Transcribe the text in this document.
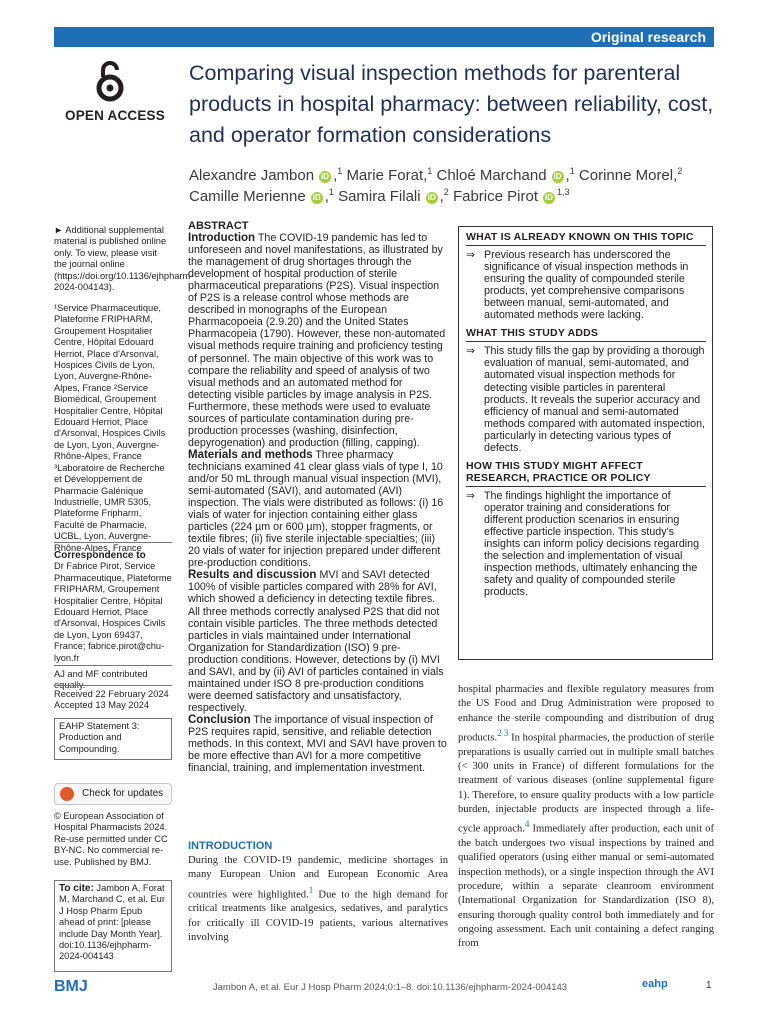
Original research
OPEN ACCESS
Comparing visual inspection methods for parenteral products in hospital pharmacy: between reliability, cost, and operator formation considerations
Alexandre Jambon iD ,$^1$ Marie Forat,$^1$ Chloé Marchand iD ,$^1$ Corinne Morel,$^2$
Camille Merienne iD ,$^1$ Samira Filali iD ,$^2$ Fabrice Pirot iD$^{1,3}$
► Additional supplemental material is published online only. To view, please visit the journal online (https://doi.org/10.1136/ejhpharm-2024-004143).
¹Service Pharmaceutique, Plateforme FRIPHARM, Groupement Hospitalier Centre, Hôpital Edouard Herriot, Place d'Arsonval, Hospices Civils de Lyon, Lyon, Auvergne-Rhône-Alpes, France ²Service Biomédical, Groupement Hospitalier Centre, Hôpital Edouard Herriot, Place d'Arsonval, Hospices Civils de Lyon, Lyon, Auvergne-Rhône-Alpes, France ³Laboratoire de Recherche et Développement de Pharmacie Galénique Industrielle, UMR 5305, Plateforme Fripharm, Faculté de Pharmacie, UCBL, Lyon, Auvergne-Rhône-Alpes, France

Correspondence to

Dr Fabrice Pirot, Service Pharmaceutique, Plateforme FRIPHARM, Groupement Hospitalier Centre, Hôpital Edouard Herriot, Place d'Arsonval, Hospices Civils de Lyon, Lyon 69437, France; fabrice.pirot@chu-lyon.fr

AJ and MF contributed equally.

Received 22 February 2024

Accepted 13 May 2024

EAHP Statement 3: Production and Compounding.
Check for updates
© European Association of Hospital Pharmacists 2024. Re-use permitted under CC BY-NC. No commercial re-use. Published by BMJ.
To cite: Jambon A, Forat M, Marchand C, et al. Eur J Hosp Pharm Epub ahead of print: [please include Day Month Year]. doi:10.1136/ejhpharm-2024-004143
ABSTRACT

Introduction The COVID-19 pandemic has led to unforeseen and novel manifestations, as illustrated by the management of drug shortages through the development of hospital production of sterile pharmaceutical preparations (P2S). Visual inspection of P2S is a release control whose methods are described in monographs of the European Pharmacopoeia (2.9.20) and the United States Pharmacopeia (1790). However, these non-automated visual methods require training and proficiency testing of personnel. The main objective of this work was to compare the reliability and speed of analysis of two visual methods and an automated method for detecting visible particles by image analysis in P2S. Furthermore, these methods were used to evaluate sources of particulate contamination during pre-production processes (washing, disinfection, depyrogenation) and production (filling, capping).

Materials and methods Three pharmacy technicians examined 41 clear glass vials of type I, 10 and/or 50 mL through manual visual inspection (MVI), semi-automated (SAVI), and automated (AVI) inspection. The vials were distributed as follows: (i) 16 vials of water for injection containing either glass particles (224 µm or 600 µm), stopper fragments, or textile fibres; (ii) five sterile injectable specialties; (iii) 20 vials of water for injection prepared under different pre-production conditions.

Results and discussion MVI and SAVI detected 100% of visible particles compared with 28% for AVI, which showed a deficiency in detecting textile fibres. All three methods correctly analysed P2S that did not contain visible particles. The three methods detected particles in vials maintained under International Organization for Standardization (ISO) 9 pre-production conditions. However, detections by (i) MVI and SAVI, and by (ii) AVI of particles contained in vials maintained under ISO 8 pre-production conditions were deemed satisfactory and unsatisfactory, respectively.

Conclusion The importance of visual inspection of P2S requires rapid, sensitive, and reliable detection methods. In this context, MVI and SAVI have proven to be more effective than AVI for a more competitive financial, training, and implementation investment.

WHAT IS ALREADY KNOWN ON THIS TOPIC
⇒ Previous research has underscored the significance of visual inspection methods in ensuring the quality of compounded sterile products, yet comprehensive comparisons between manual, semi-automated, and automated methods were lacking.
WHAT THIS STUDY ADDS
⇒ This study fills the gap by providing a thorough evaluation of manual, semi-automated, and automated visual inspection methods for detecting visible particles in parenteral products. It reveals the superior accuracy and efficiency of manual and semi-automated methods compared with automated inspection, particularly in detecting various types of defects.
HOW THIS STUDY MIGHT AFFECT RESEARCH, PRACTICE OR POLICY
⇒ The findings highlight the importance of operator training and considerations for different production scenarios in ensuring effective particle inspection. This study's insights can inform policy decisions regarding the selection and implementation of visual inspection methods, ultimately enhancing the safety and quality of compounded sterile products.
INTRODUCTION
During the COVID-19 pandemic, medicine shortages in many European Union and European Economic Area countries were highlighted.$^1$ Due to the high demand for critical treatments like analgesics, sedatives, and paralytics for critically ill COVID-19 patients, various alternatives involving
hospital pharmacies and flexible regulatory measures from the US Food and Drug Administration were proposed to enhance the sterile compounding and distribution of drug products.$^{2 3}$ In hospital pharmacies, the production of sterile preparations is usually carried out in multiple small batches (< 300 units in France) of different formulations for the treatment of various diseases (online supplemental figure 1). Therefore, to ensure quality products with a low particle burden, injectable products are inspected through a life-cycle approach.$^4$ Immediately after production, each unit of the batch undergoes two visual inspections by trained and qualified operators (using either manual or semi-automated inspection methods), or a single inspection through the AVI procedure, within a separate cleanroom environment (International Organization for Standardization (ISO 8), ensuring thorough quality control both immediately and for ongoing assessment. Each unit containing a defect ranging from
BMJ	Jambon A, et al. Eur J Hosp Pharm 2024;0:1–8. doi:10.1136/ejhpharm-2024-004143	eahp	1
